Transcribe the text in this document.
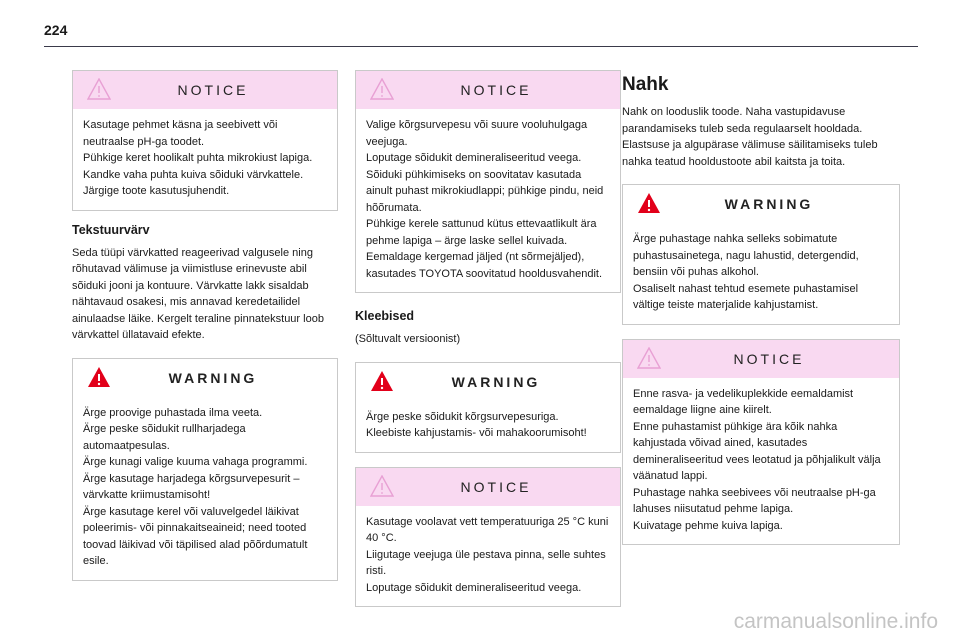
224
NOTICE
Kasutage pehmet käsna ja seebivett või neutraalse pH-ga toodet.
Pühkige keret hoolikalt puhta mikrokiust lapiga.
Kandke vaha puhta kuiva sõiduki värvkattele. Järgige toote kasutusjuhendit.
Tekstuurvärv
Seda tüüpi värvkatted reageerivad valgusele ning rõhutavad välimuse ja viimistluse erinevuste abil sõiduki jooni ja kontuure. Värvkatte lakk sisaldab nähtavaud osakesi, mis annavad keredetailidel ainulaadse läike. Kergelt teraline pinnatekstuur loob värvkattel üllatavaid efekte.
WARNING
Ärge proovige puhastada ilma veeta.
Ärge peske sõidukit rullharjadega automaatpesulas.
Ärge kunagi valige kuuma vahaga programmi.
Ärge kasutage harjadega kõrgsurvepesurit – värvkatte kriimustamisoht!
Ärge kasutage kerel või valuvelgedel läikivat poleerimis- või pinnakaitseaineid; need tooted toovad läikivad või täpilised alad põõrdumatult esile.
NOTICE
Valige kõrgsurvepesu või suure vooluhulgaga veejuga.
Loputage sõidukit demineraliseeritud veega.
Sõiduki pühkimiseks on soovitatav kasutada ainult puhast mikrokiudlappi; pühkige pindu, neid hõõrumata.
Pühkige kerele sattunud kütus ettevaatlikult ära pehme lapiga – ärge laske sellel kuivada.
Eemaldage kergemad jäljed (nt sõrmejäljed), kasutades TOYOTA soovitatud hooldusvahendit.
Kleebised
(Sõltuvalt versioonist)
WARNING
Ärge peske sõidukit kõrgsurvepesuriga.
Kleebiste kahjustamis- või mahakoorumisoht!
NOTICE
Kasutage voolavat vett temperatuuriga 25 °C kuni 40 °C.
Liigutage veejuga üle pestava pinna, selle suhtes risti.
Loputage sõidukit demineraliseeritud veega.
Nahk
Nahk on looduslik toode. Naha vastupidavuse parandamiseks tuleb seda regulaarselt hooldada.
Elastsuse ja algupärase välimuse säilitamiseks tuleb nahka teatud hooldustoote abil kaitsta ja toita.
WARNING
Ärge puhastage nahka selleks sobimatute puhastusainetega, nagu lahustid, detergendid, bensiin või puhas alkohol.
Osaliselt nahast tehtud esemete puhastamisel vältige teiste materjalide kahjustamist.
NOTICE
Enne rasva- ja vedelikuplekkide eemaldamist eemaldage liigne aine kiirelt.
Enne puhastamist pühkige ära kõik nahka kahjustada võivad ained, kasutades demineraliseeritud vees leotatud ja põhjalikult välja väänatud lappi.
Puhastage nahka seebivees või neutraalse pH-ga lahuses niisutatud pehme lapiga.
Kuivatage pehme kuiva lapiga.
carmanualsonline.info
